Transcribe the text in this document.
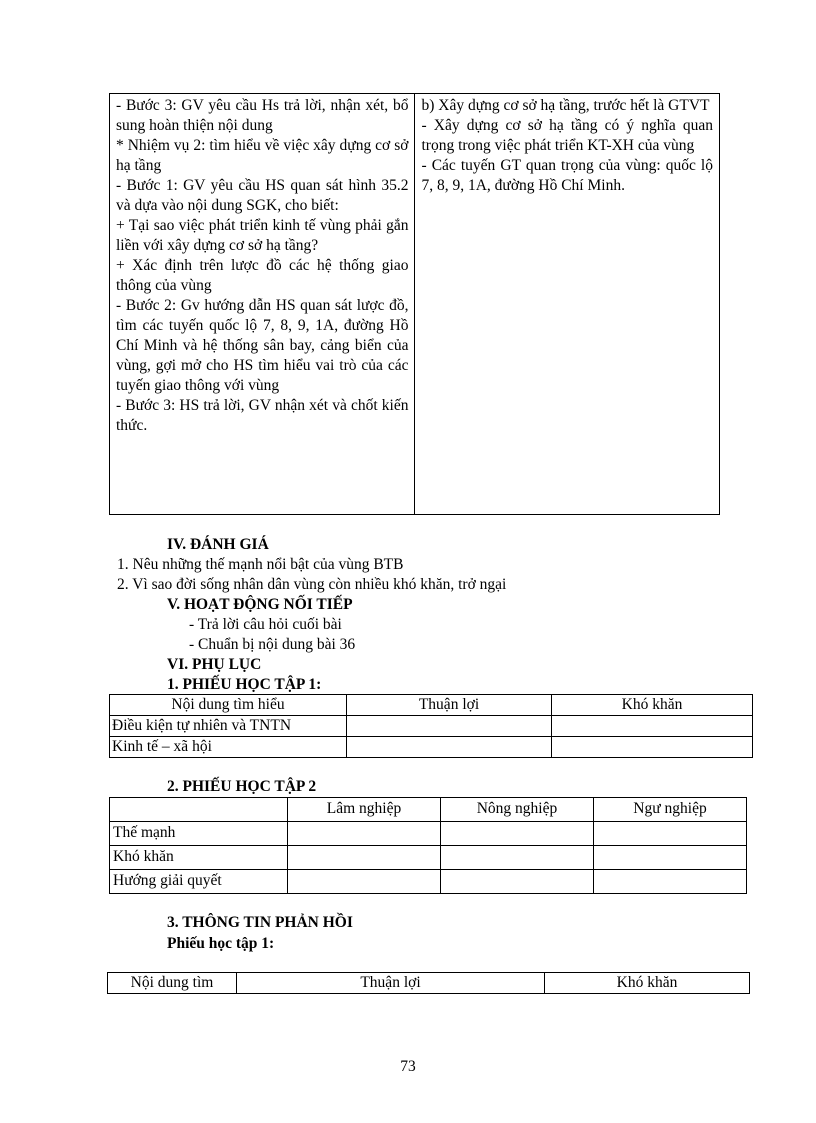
- Bước 3: GV yêu cầu Hs trả lời, nhận xét, bổ sung hoàn thiện nội dung
* Nhiệm vụ 2: tìm hiểu về việc xây dựng cơ sở hạ tầng
- Bước 1: GV yêu cầu HS quan sát hình 35.2 và dựa vào nội dung SGK, cho biết:
+ Tại sao việc phát triển kinh tế vùng phải gắn liền với xây dựng cơ sở hạ tầng?
+ Xác định trên lược đồ các hệ thống giao thông của vùng
- Bước 2: Gv hướng dẫn HS quan sát lược đồ, tìm các tuyến quốc lộ 7, 8, 9, 1A, đường Hồ Chí Minh và hệ thống sân bay, cảng biển của vùng, gợi mở cho HS tìm hiểu vai trò của các tuyến giao thông với vùng
- Bước 3: HS trả lời, GV nhận xét và chốt kiến thức.

b) Xây dựng cơ sở hạ tầng, trước hết là GTVT
- Xây dựng cơ sở hạ tầng có ý nghĩa quan trọng trong việc phát triển KT-XH của vùng
- Các tuyến GT quan trọng của vùng: quốc lộ 7, 8, 9, 1A, đường Hồ Chí Minh.
IV. ĐÁNH GIÁ
1. Nêu những thế mạnh nổi bật của vùng BTB
2. Vì sao đời sống nhân dân vùng còn nhiều khó khăn, trở ngại
V. HOẠT ĐỘNG NỐI TIẾP
- Trả lời câu hỏi cuối bài
- Chuẩn bị nội dung bài 36
VI. PHỤ LỤC
1. PHIẾU HỌC TẬP 1:
Nội dung tìm hiểu	Thuận lợi	Khó khăn
Điều kiện tự nhiên và TNTN		
Kinh tế – xã hội		
2. PHIẾU HỌC TẬP 2
	Lâm nghiệp	Nông nghiệp	Ngư nghiệp
Thế mạnh			
Khó khăn			
Hướng giải quyết			
3. THÔNG TIN PHẢN HỒI
Phiếu học tập 1:
Nội dung tìm	Thuận lợi	Khó khăn
73
